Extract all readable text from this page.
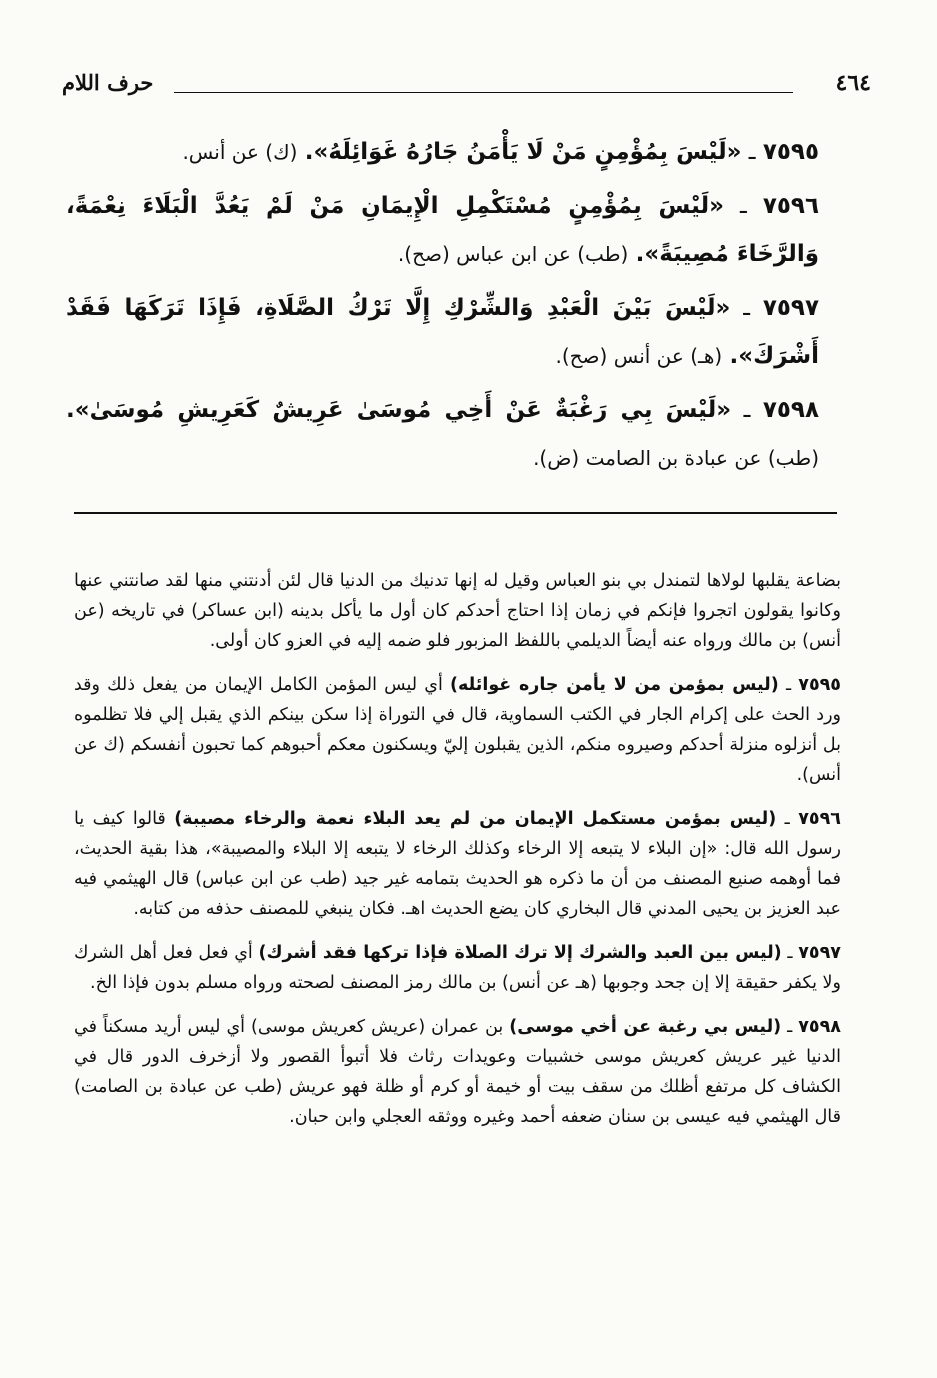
٤٦٤
حرف اللام
٧٥٩٥ ـ «لَيْسَ بِمُؤْمِنٍ مَنْ لَا يَأْمَنُ جَارُهُ غَوَائِلَهُ». (ك) عن أنس.
٧٥٩٦ ـ «لَيْسَ بِمُؤْمِنٍ مُسْتَكْمِلِ الْإِيمَانِ مَنْ لَمْ يَعُدَّ الْبَلَاءَ نِعْمَةً، وَالرَّخَاءَ مُصِيبَةً». (طب) عن ابن عباس (صح).
٧٥٩٧ ـ «لَيْسَ بَيْنَ الْعَبْدِ وَالشِّرْكِ إِلَّا تَرْكُ الصَّلَاةِ، فَإِذَا تَرَكَهَا فَقَدْ أَشْرَكَ». (هـ) عن أنس (صح).
٧٥٩٨ ـ «لَيْسَ بِي رَغْبَةٌ عَنْ أَخِي مُوسَىٰ عَرِيشٌ كَعَرِيشِ مُوسَىٰ». (طب) عن عبادة بن الصامت (ض).

بضاعة يقلبها لولاها لتمندل بي بنو العباس وقيل له إنها تدنيك من الدنيا قال لئن أدنتني منها لقد صانتني عنها وكانوا يقولون اتجروا فإنكم في زمان إذا احتاج أحدكم كان أول ما يأكل بدينه (ابن عساكر) في تاريخه (عن أنس) بن مالك ورواه عنه أيضاً الديلمي باللفظ المزبور فلو ضمه إليه في العزو كان أولى.

٧٥٩٥ ـ (ليس بمؤمن من لا يأمن جاره غوائله) أي ليس المؤمن الكامل الإيمان من يفعل ذلك وقد ورد الحث على إكرام الجار في الكتب السماوية، قال في التوراة إذا سكن بينكم الذي يقبل إلي فلا تظلموه بل أنزلوه منزلة أحدكم وصيروه منكم، الذين يقبلون إليّ ويسكنون معكم أحبوهم كما تحبون أنفسكم (ك عن أنس).

٧٥٩٦ ـ (ليس بمؤمن مستكمل الإيمان من لم يعد البلاء نعمة والرخاء مصيبة) قالوا كيف يا رسول الله قال: «إن البلاء لا يتبعه إلا الرخاء وكذلك الرخاء لا يتبعه إلا البلاء والمصيبة»، هذا بقية الحديث، فما أوهمه صنيع المصنف من أن ما ذكره هو الحديث بتمامه غير جيد (طب عن ابن عباس) قال الهيثمي فيه عبد العزيز بن يحيى المدني قال البخاري كان يضع الحديث اهـ. فكان ينبغي للمصنف حذفه من كتابه.

٧٥٩٧ ـ (ليس بين العبد والشرك إلا ترك الصلاة فإذا تركها فقد أشرك) أي فعل فعل أهل الشرك ولا يكفر حقيقة إلا إن جحد وجوبها (هـ عن أنس) بن مالك رمز المصنف لصحته ورواه مسلم بدون فإذا الخ.

٧٥٩٨ ـ (ليس بي رغبة عن أخي موسى) بن عمران (عريش كعريش موسى) أي ليس أريد مسكناً في الدنيا غير عريش كعريش موسى خشبيات وعويدات رثاث فلا أتبوأ القصور ولا أزخرف الدور قال في الكشاف كل مرتفع أظلك من سقف بيت أو خيمة أو كرم أو ظلة فهو عريش (طب عن عبادة بن الصامت) قال الهيثمي فيه عيسى بن سنان ضعفه أحمد وغيره ووثقه العجلي وابن حبان.
